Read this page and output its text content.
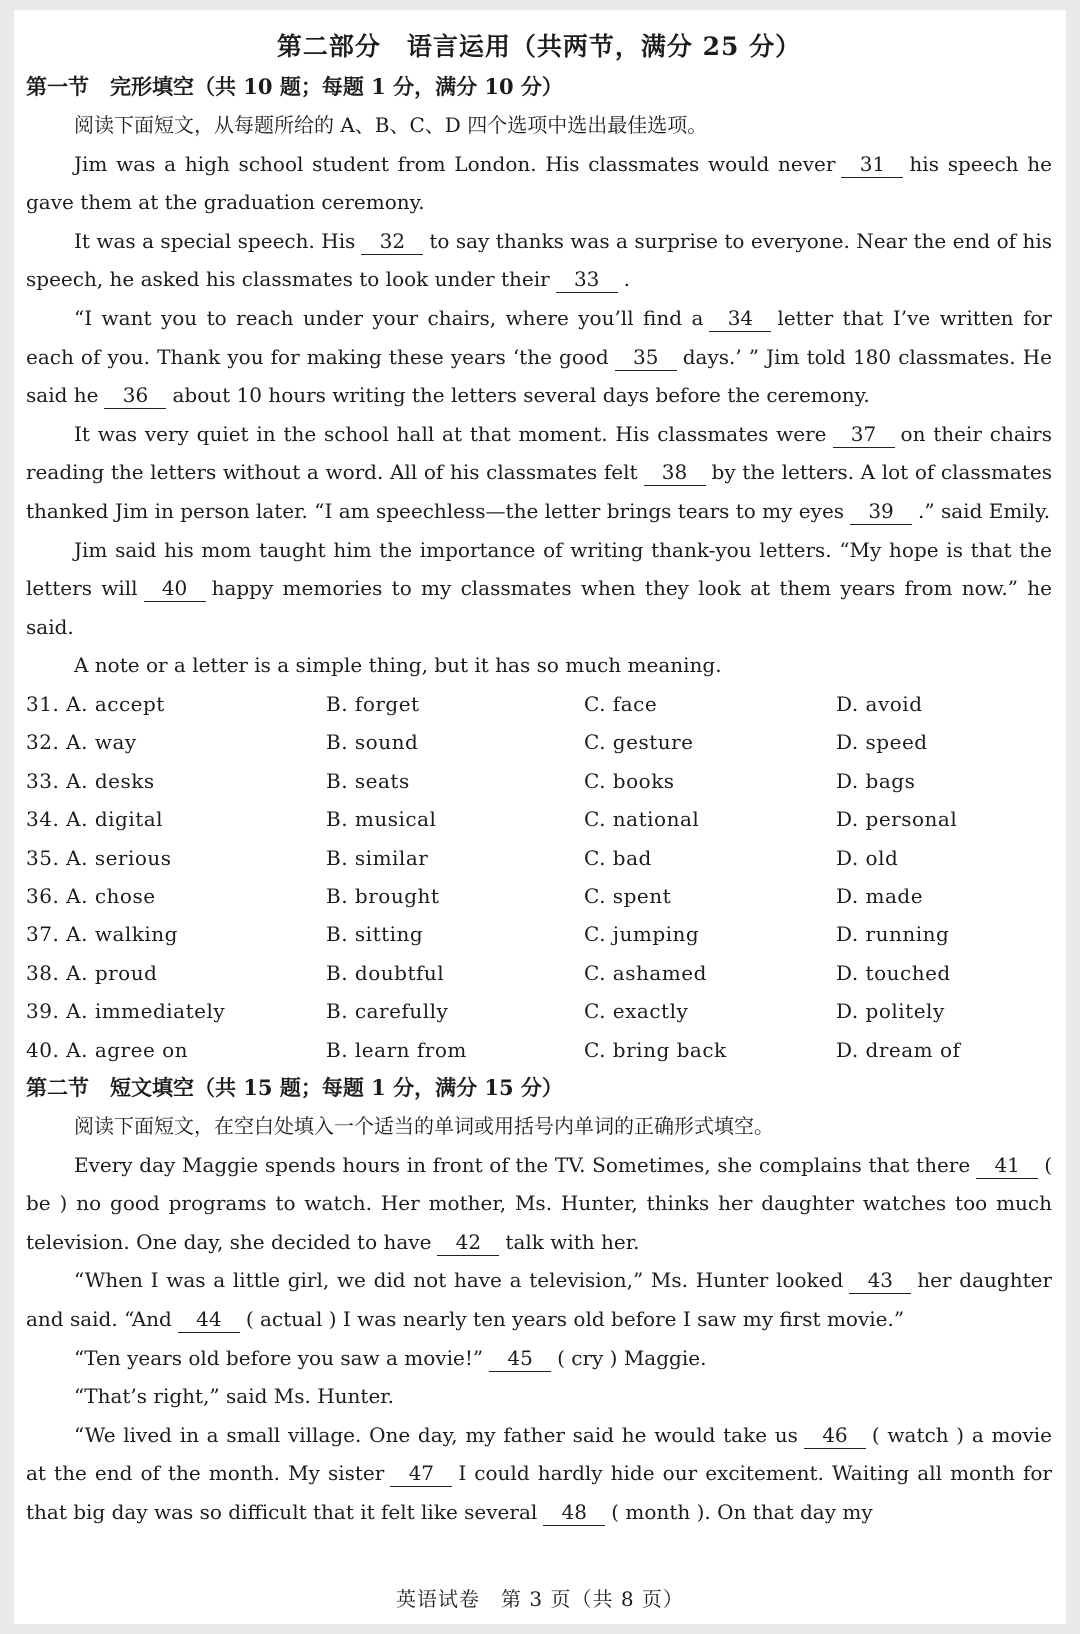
第二部分　语言运用（共两节，满分 25 分）
第一节　完形填空（共 10 题；每题 1 分，满分 10 分）

阅读下面短文，从每题所给的 A、B、C、D 四个选项中选出最佳选项。

Jim was a high school student from London. His classmates would never 31 his speech he gave them at the graduation ceremony.

It was a special speech. His 32 to say thanks was a surprise to everyone. Near the end of his speech, he asked his classmates to look under their 33 .

“I want you to reach under your chairs, where you’ll find a 34 letter that I’ve written for each of you. Thank you for making these years ‘the good 35 days.’ ” Jim told 180 classmates. He said he 36 about 10 hours writing the letters several days before the ceremony.

It was very quiet in the school hall at that moment. His classmates were 37 on their chairs reading the letters without a word. All of his classmates felt 38 by the letters. A lot of classmates thanked Jim in person later. “I am speechless—the letter brings tears to my eyes 39 .” said Emily.

Jim said his mom taught him the importance of writing thank-you letters. “My hope is that the letters will 40 happy memories to my classmates when they look at them years from now.” he said.

A note or a letter is a simple thing, but it has so much meaning.

31. A. accept	B. forget	C. face	D. avoid
32. A. way	B. sound	C. gesture	D. speed
33. A. desks	B. seats	C. books	D. bags
34. A. digital	B. musical	C. national	D. personal
35. A. serious	B. similar	C. bad	D. old
36. A. chose	B. brought	C. spent	D. made
37. A. walking	B. sitting	C. jumping	D. running
38. A. proud	B. doubtful	C. ashamed	D. touched
39. A. immediately	B. carefully	C. exactly	D. politely
40. A. agree on	B. learn from	C. bring back	D. dream of
第二节　短文填空（共 15 题；每题 1 分，满分 15 分）

阅读下面短文，在空白处填入一个适当的单词或用括号内单词的正确形式填空。

Every day Maggie spends hours in front of the TV. Sometimes, she complains that there 41 ( be ) no good programs to watch. Her mother, Ms. Hunter, thinks her daughter watches too much television. One day, she decided to have 42 talk with her.

“When I was a little girl, we did not have a television,” Ms. Hunter looked 43 her daughter and said. “And 44 ( actual ) I was nearly ten years old before I saw my first movie.”

“Ten years old before you saw a movie!” 45 ( cry ) Maggie.

“That’s right,” said Ms. Hunter.

“We lived in a small village. One day, my father said he would take us 46 ( watch ) a movie at the end of the month. My sister 47 I could hardly hide our excitement. Waiting all month for that big day was so difficult that it felt like several 48 ( month ). On that day my

英语试卷　第 3 页（共 8 页）
